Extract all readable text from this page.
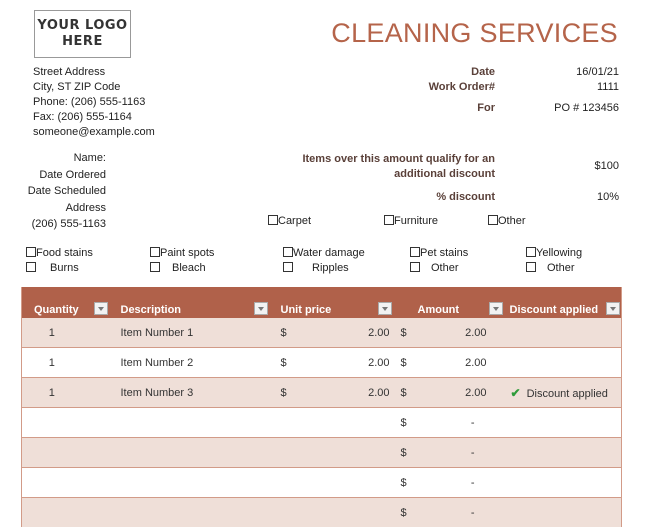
YOUR LOGO
HERE	CLEANING SERVICES
Street Address
City, ST ZIP Code
Phone: (206) 555-1163
Fax: (206) 555-1164
someone@example.com
Date	16/01/21
Work Order#	1111
For	PO # 123456
Name:
Date Ordered
Date Scheduled
Address
(206) 555-1163
Items over this amount qualify for an
additional discount
$100
% discount	10%
Carpet	Furniture	Other
Food stains	Paint spots	Water damage	Pet stains	Yellowing
Burns	Bleach	Ripples	Other	Other
Quantity	Description	Unit price	Amount	Discount applied

1	Item Number 1	$ 2.00	$ 2.00	
1	Item Number 2	$ 2.00	$ 2.00	
1	Item Number 3	$ 2.00	$ 2.00	✔ Discount applied
			$ -	
			$ -	
			$ -	
			$ -	
